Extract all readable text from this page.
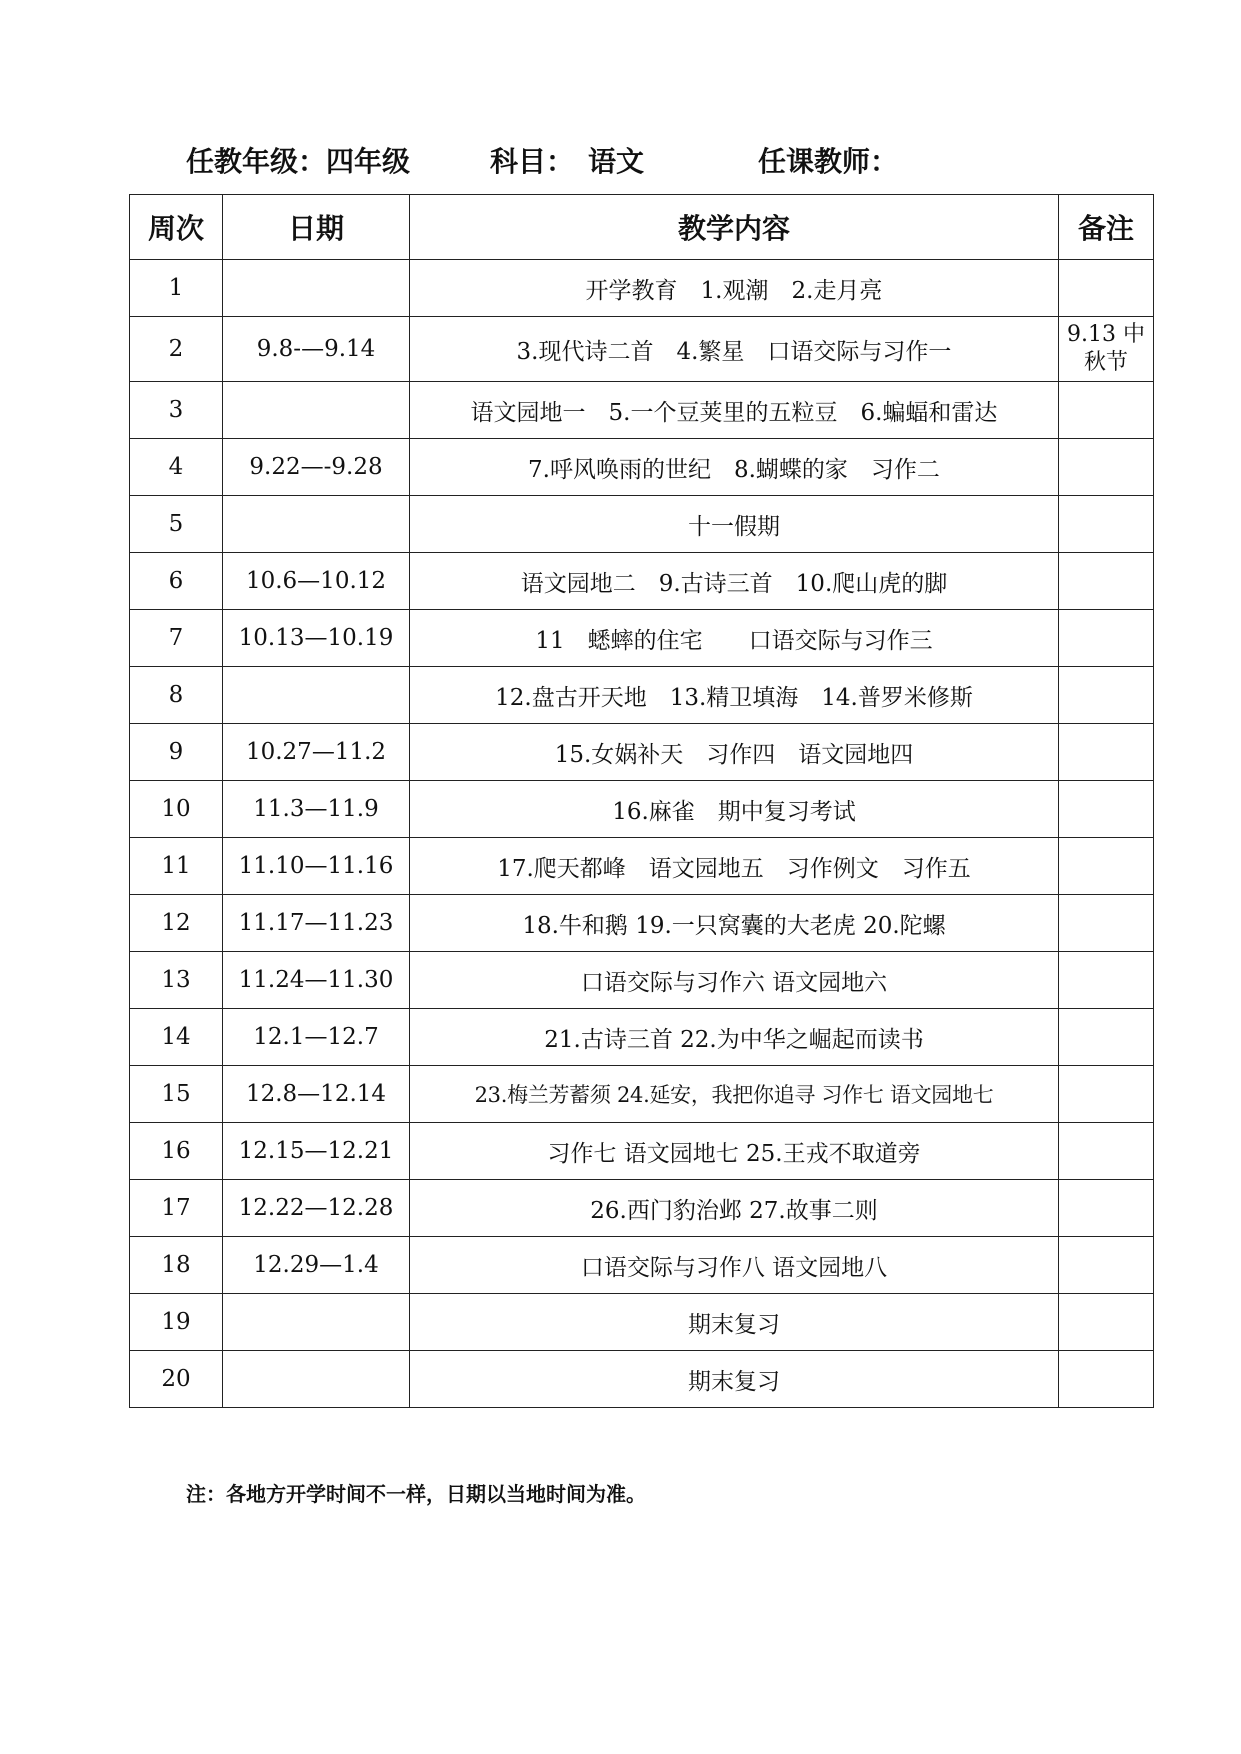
任教年级：四年级	科目：　语文	任课教师：
周次	日期	教学内容	备注
1		开学教育　1.观潮　2.走月亮	
2	9.8-—9.14	3.现代诗二首　4.繁星　口语交际与习作一	9.13 中秋节
3		语文园地一　5.一个豆荚里的五粒豆　6.蝙蝠和雷达	
4	9.22—-9.28	7.呼风唤雨的世纪　8.蝴蝶的家　习作二	
5		十一假期	
6	10.6—10.12	语文园地二　9.古诗三首　10.爬山虎的脚	
7	10.13—10.19	11　蟋蟀的住宅　　口语交际与习作三	
8		12.盘古开天地　13.精卫填海　14.普罗米修斯	
9	10.27—11.2	15.女娲补天　习作四　语文园地四	
10	11.3—11.9	16.麻雀　期中复习考试	
11	11.10—11.16	17.爬天都峰　语文园地五　习作例文　习作五	
12	11.17—11.23	18.牛和鹅 19.一只窝囊的大老虎 20.陀螺	
13	11.24—11.30	口语交际与习作六 语文园地六	
14	12.1—12.7	21.古诗三首 22.为中华之崛起而读书	
15	12.8—12.14	23.梅兰芳蓄须 24.延安，我把你追寻 习作七 语文园地七	
16	12.15—12.21	习作七 语文园地七 25.王戎不取道旁	
17	12.22—12.28	26.西门豹治邺 27.故事二则	
18	12.29—1.4	口语交际与习作八 语文园地八	
19		期末复习	
20		期末复习	
注：各地方开学时间不一样，日期以当地时间为准。
